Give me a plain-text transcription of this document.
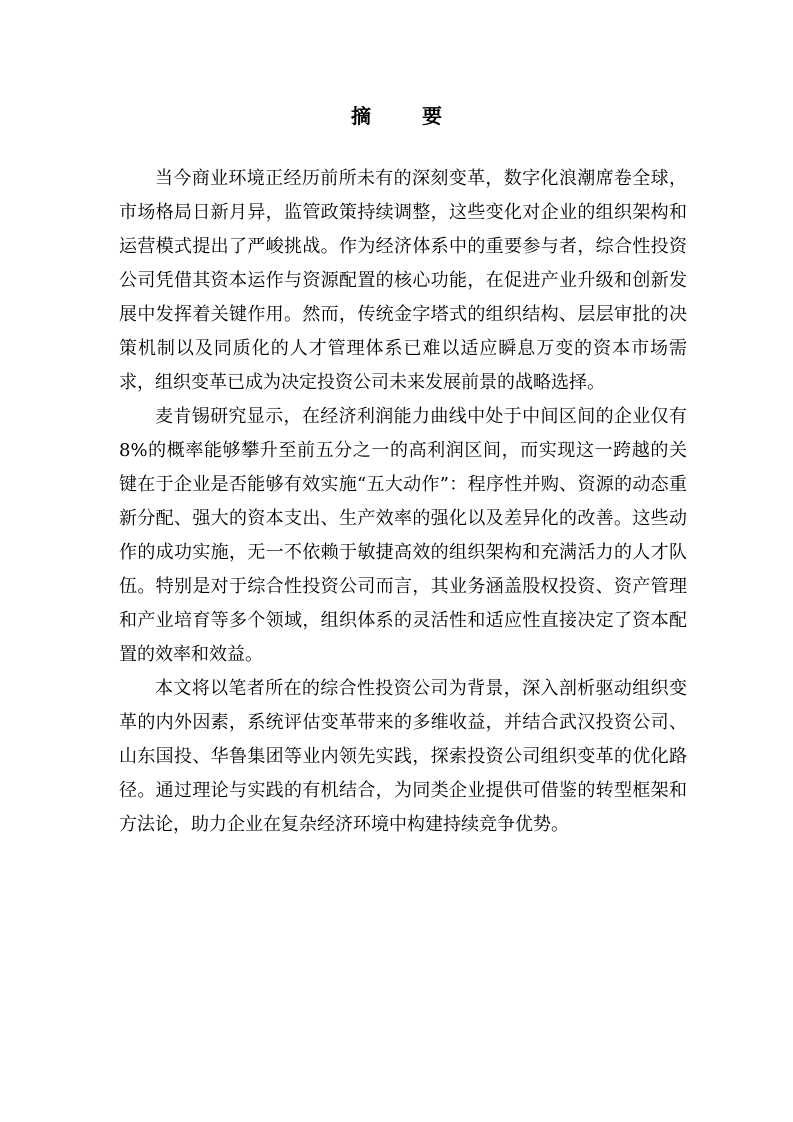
摘 要

当今商业环境正经历前所未有的深刻变革，数字化浪潮席卷全球，市场格局日新月异，监管政策持续调整，这些变化对企业的组织架构和运营模式提出了严峻挑战。作为经济体系中的重要参与者，综合性投资公司凭借其资本运作与资源配置的核心功能，在促进产业升级和创新发展中发挥着关键作用。然而，传统金字塔式的组织结构、层层审批的决策机制以及同质化的人才管理体系已难以适应瞬息万变的资本市场需求，组织变革已成为决定投资公司未来发展前景的战略选择。

麦肯锡研究显示，在经济利润能力曲线中处于中间区间的企业仅有 8%的概率能够攀升至前五分之一的高利润区间，而实现这一跨越的关键在于企业是否能够有效实施“五大动作”：程序性并购、资源的动态重新分配、强大的资本支出、生产效率的强化以及差异化的改善。这些动作的成功实施，无一不依赖于敏捷高效的组织架构和充满活力的人才队伍。特别是对于综合性投资公司而言，其业务涵盖股权投资、资产管理和产业培育等多个领域，组织体系的灵活性和适应性直接决定了资本配置的效率和效益。

本文将以笔者所在的综合性投资公司为背景，深入剖析驱动组织变革的内外因素，系统评估变革带来的多维收益，并结合武汉投资公司、山东国投、华鲁集团等业内领先实践，探索投资公司组织变革的优化路径。通过理论与实践的有机结合，为同类企业提供可借鉴的转型框架和方法论，助力企业在复杂经济环境中构建持续竞争优势。
